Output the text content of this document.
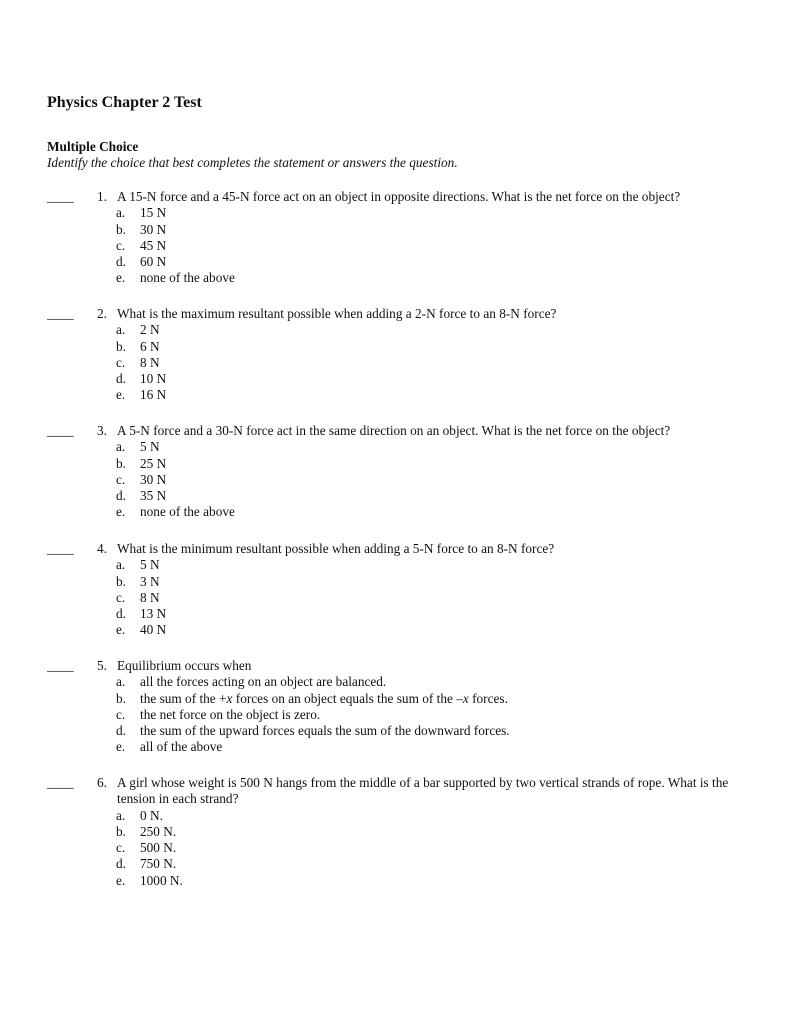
Physics Chapter 2 Test
Multiple Choice
Identify the choice that best completes the statement or answers the question.
____	1. A 15-N force and a 45-N force act on an object in opposite directions. What is the net force on the object?
a. 15 N
b. 30 N
c. 45 N
d. 60 N
e. none of the above
____	2. What is the maximum resultant possible when adding a 2-N force to an 8-N force?
a. 2 N
b. 6 N
c. 8 N
d. 10 N
e. 16 N
____	3. A 5-N force and a 30-N force act in the same direction on an object. What is the net force on the object?
a. 5 N
b. 25 N
c. 30 N
d. 35 N
e. none of the above
____	4. What is the minimum resultant possible when adding a 5-N force to an 8-N force?
a. 5 N
b. 3 N
c. 8 N
d. 13 N
e. 40 N
____	5. Equilibrium occurs when
a. all the forces acting on an object are balanced.
b. the sum of the +x forces on an object equals the sum of the –x forces.
c. the net force on the object is zero.
d. the sum of the upward forces equals the sum of the downward forces.
e. all of the above
____	6. A girl whose weight is 500 N hangs from the middle of a bar supported by two vertical strands of rope. What is the tension in each strand?
a. 0 N.
b. 250 N.
c. 500 N.
d. 750 N.
e. 1000 N.
